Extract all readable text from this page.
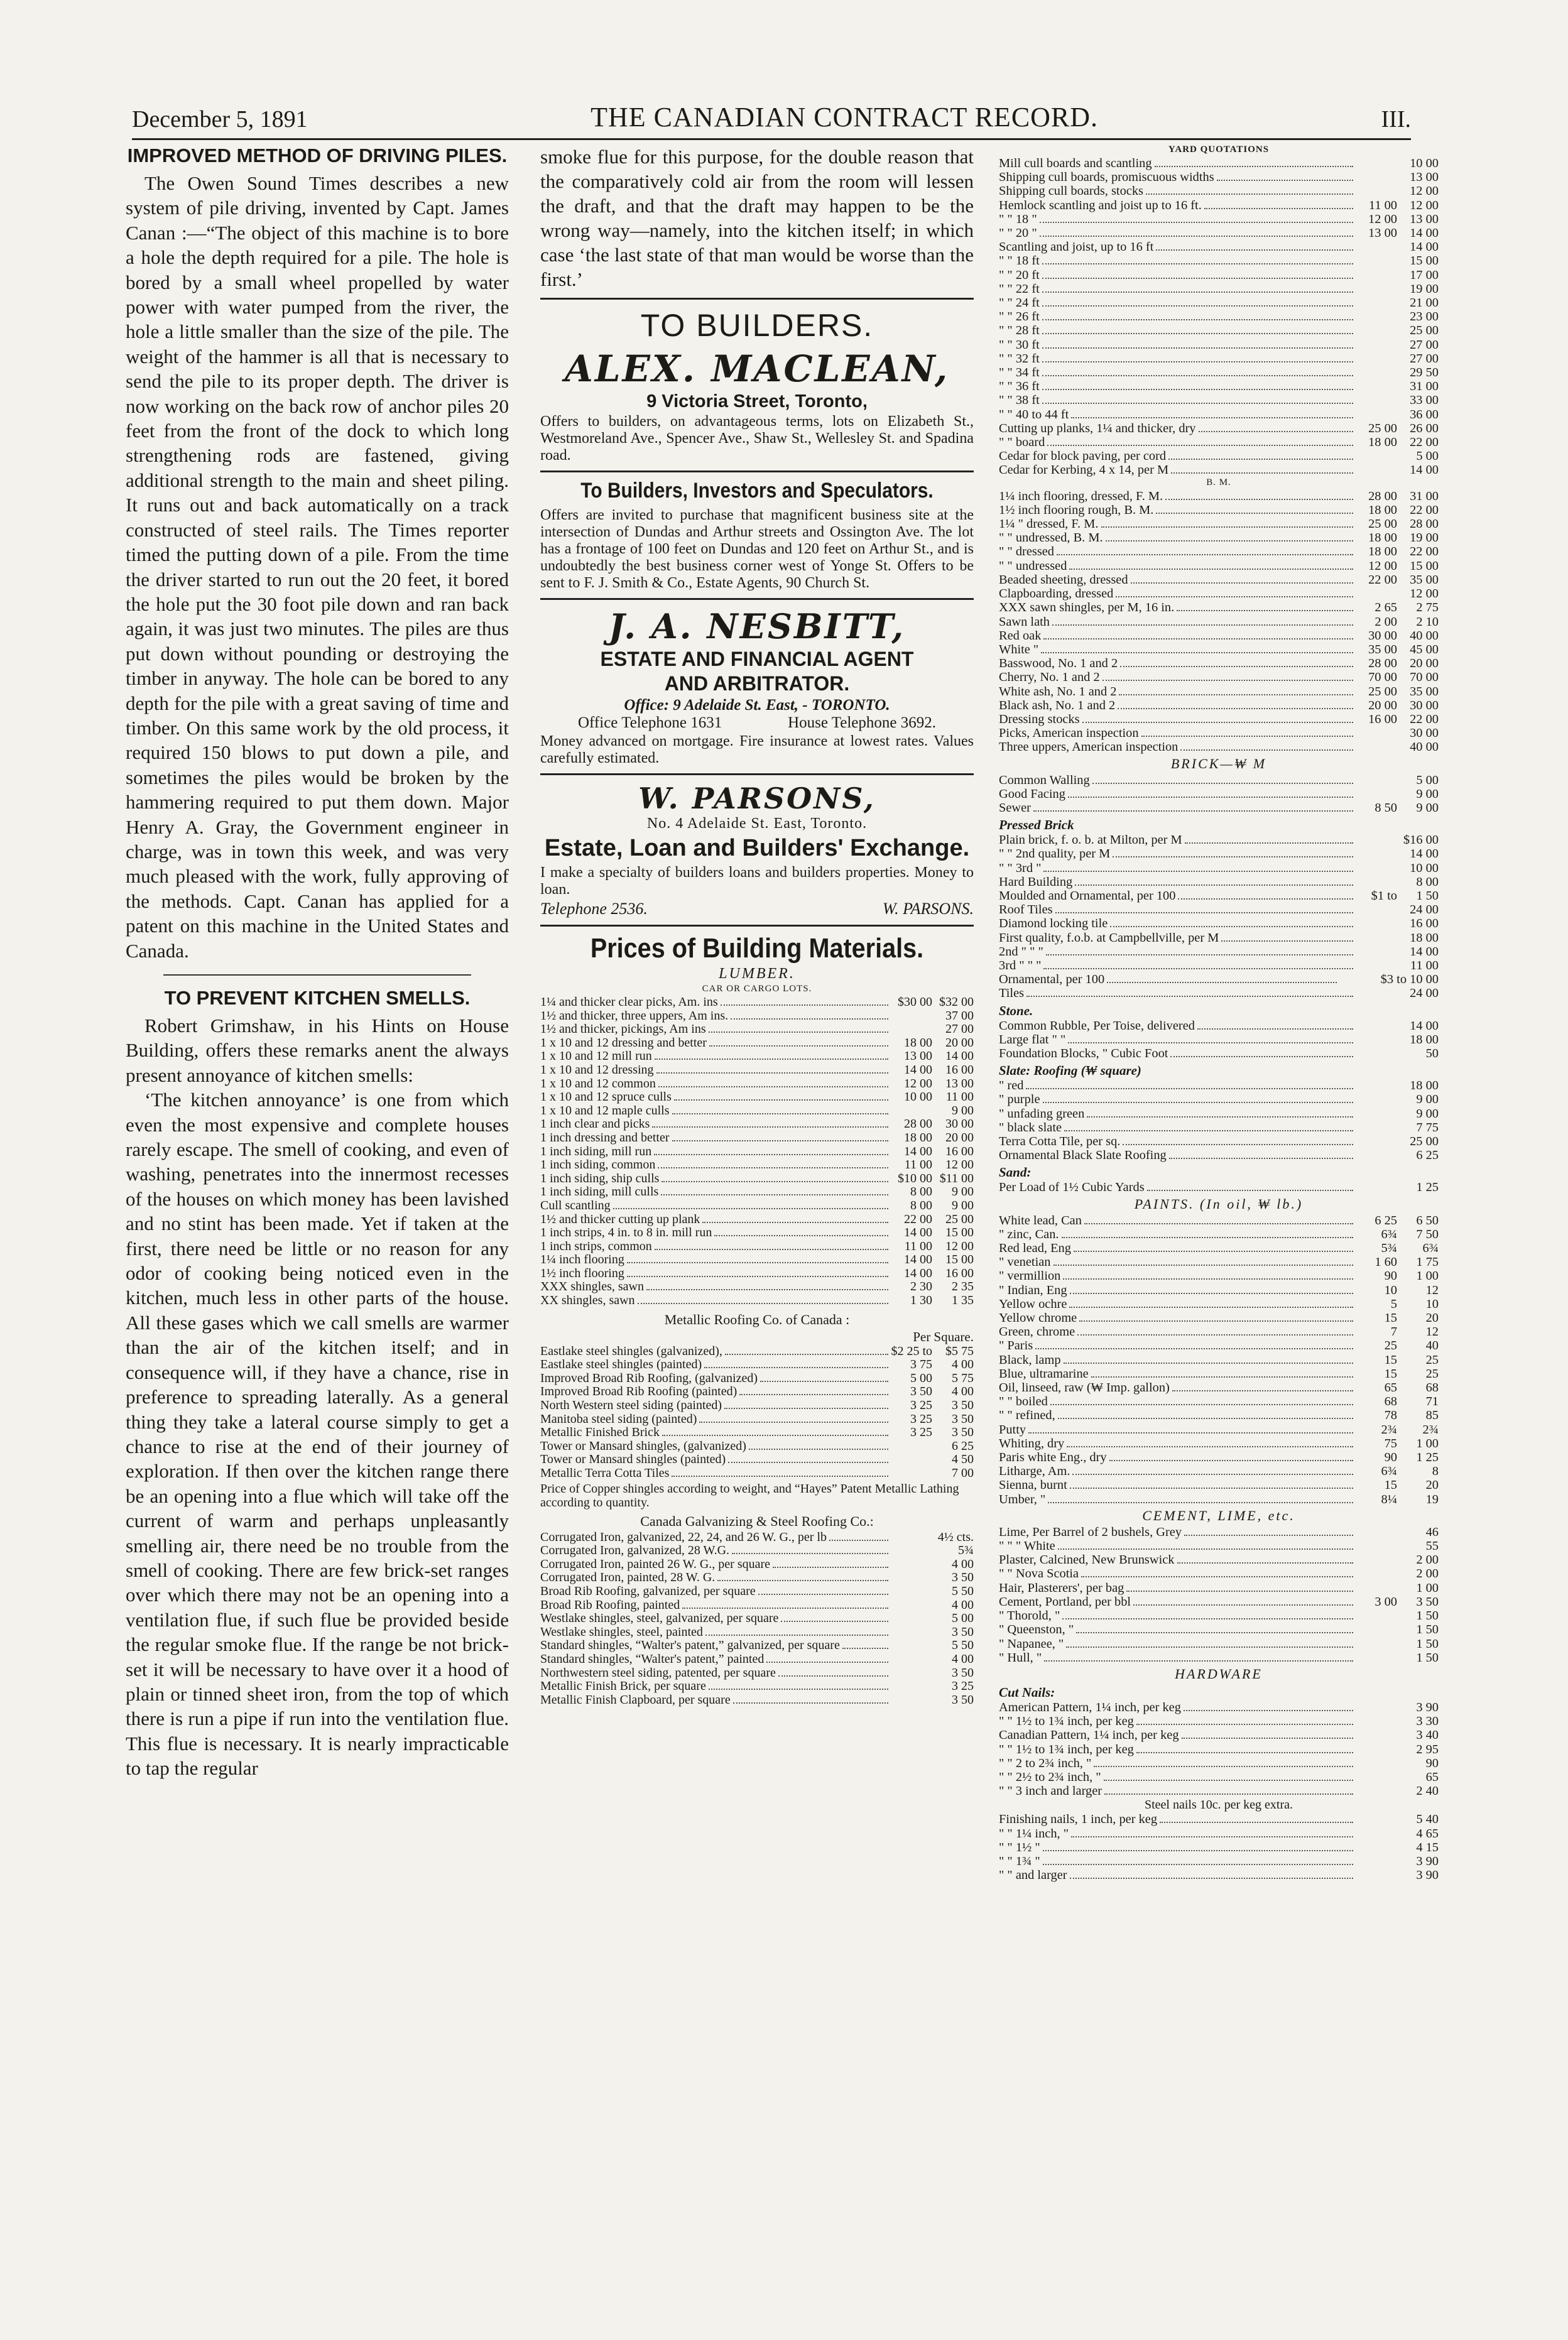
December 5, 1891	THE CANADIAN CONTRACT RECORD.	III.
IMPROVED METHOD OF DRIVING PILES.

The Owen Sound Times describes a new system of pile driving, invented by Capt. James Canan :—“The object of this machine is to bore a hole the depth required for a pile. The hole is bored by a small wheel propelled by water power with water pumped from the river, the hole a little smaller than the size of the pile. The weight of the hammer is all that is necessary to send the pile to its proper depth. The driver is now working on the back row of anchor piles 20 feet from the front of the dock to which long strengthening rods are fastened, giving additional strength to the main and sheet piling. It runs out and back automatically on a track constructed of steel rails. The Times reporter timed the putting down of a pile. From the time the driver started to run out the 20 feet, it bored the hole put the 30 foot pile down and ran back again, it was just two minutes. The piles are thus put down without pounding or destroying the timber in anyway. The hole can be bored to any depth for the pile with a great saving of time and timber. On this same work by the old process, it required 150 blows to put down a pile, and sometimes the piles would be broken by the hammering required to put them down. Major Henry A. Gray, the Government engineer in charge, was in town this week, and was very much pleased with the work, fully approving of the methods. Capt. Canan has applied for a patent on this machine in the United States and Canada.

TO PREVENT KITCHEN SMELLS.

Robert Grimshaw, in his Hints on House Building, offers these remarks anent the always present annoyance of kitchen smells:

‘The kitchen annoyance’ is one from which even the most expensive and complete houses rarely escape. The smell of cooking, and even of washing, penetrates into the innermost recesses of the houses on which money has been lavished and no stint has been made. Yet if taken at the first, there need be little or no reason for any odor of cooking being noticed even in the kitchen, much less in other parts of the house. All these gases which we call smells are warmer than the air of the kitchen itself; and in consequence will, if they have a chance, rise in preference to spreading laterally. As a general thing they take a lateral course simply to get a chance to rise at the end of their journey of exploration. If then over the kitchen range there be an opening into a flue which will take off the current of warm and perhaps unpleasantly smelling air, there need be no trouble from the smell of cooking. There are few brick-set ranges over which there may not be an opening into a ventilation flue, if such flue be provided beside the regular smoke flue. If the range be not brick-set it will be necessary to have over it a hood of plain or tinned sheet iron, from the top of which there is run a pipe if run into the ventilation flue. This flue is necessary. It is nearly impracticable to tap the regular

smoke flue for this purpose, for the double reason that the comparatively cold air from the room will lessen the draft, and that the draft may happen to be the wrong way—namely, into the kitchen itself; in which case ‘the last state of that man would be worse than the first.’
TO BUILDERS.
ALEX. MACLEAN,
9 Victoria Street, Toronto,

Offers to builders, on advantageous terms, lots on Elizabeth St., Westmoreland Ave., Spencer Ave., Shaw St., Wellesley St. and Spadina road.

To Builders, Investors and Speculators.

Offers are invited to purchase that magnificent business site at the intersection of Dundas and Arthur streets and Ossington Ave. The lot has a frontage of 100 feet on Dundas and 120 feet on Arthur St., and is undoubtedly the best business corner west of Yonge St. Offers to be sent to F. J. Smith & Co., Estate Agents, 90 Church St.

J. A. NESBITT,
ESTATE AND FINANCIAL AGENT
AND ARBITRATOR.
Office: 9 Adelaide St. East, - TORONTO.
Office Telephone 1631	House Telephone 3692.

Money advanced on mortgage. Fire insurance at lowest rates. Values carefully estimated.

W. PARSONS,
No. 4 Adelaide St. East, Toronto.
Estate, Loan and Builders' Exchange.

I make a specialty of builders loans and builders properties. Money to loan.

Telephone 2536.	W. PARSONS.
Prices of Building Materials.
LUMBER.
CAR OR CARGO LOTS.
1¼ and thicker clear picks, Am. ins	$30 00 $32 00
1½ and thicker, three uppers, Am ins.	37 00
1½ and thicker, pickings, Am ins	27 00
1 x 10 and 12 dressing and better	18 00	20 00
1 x 10 and 12 mill run	13 00	14 00
1 x 10 and 12 dressing	14 00	16 00
1 x 10 and 12 common	12 00	13 00
1 x 10 and 12 spruce culls	10 00	11 00
1 x 10 and 12 maple culls	9 00
1 inch clear and picks	28 00	30 00
1 inch dressing and better	18 00	20 00
1 inch siding, mill run	14 00	16 00
1 inch siding, common	11 00	12 00
1 inch siding, ship culls	$10 00 $11 00
1 inch siding, mill culls	8 00	9 00
Cull scantling	8 00	9 00
1½ and thicker cutting up plank	22 00	25 00
1 inch strips, 4 in. to 8 in. mill run	14 00	15 00
1 inch strips, common	11 00	12 00
1¼ inch flooring	14 00	15 00
1½ inch flooring	14 00	16 00
XXX shingles, sawn	2 30	2 35
XX shingles, sawn	1 30	1 35
Metallic Roofing Co. of Canada :
Per Square.
Eastlake steel shingles (galvanized),	$2 25 to	$5 75
Eastlake steel shingles (painted)	3 75	4 00
Improved Broad Rib Roofing, (galvanized)	5 00	5 75
Improved Broad Rib Roofing (painted)	3 50	4 00
North Western steel siding (painted)	3 25	3 50
Manitoba steel siding (painted)	3 25	3 50
Metallic Finished Brick	3 25	3 50
Tower or Mansard shingles, (galvanized)	6 25
Tower or Mansard shingles (painted)	4 50
Metallic Terra Cotta Tiles	7 00
Price of Copper shingles according to weight, and “Hayes” Patent Metallic Lathing according to quantity.
Canada Galvanizing & Steel Roofing Co.:
Corrugated Iron, galvanized, 22, 24, and 26 W. G., per lb	4½ cts.
Corrugated Iron, galvanized, 28 W.G.	5¾
Corrugated Iron, painted 26 W. G., per square	4 00
Corrugated Iron, painted, 28 W. G.	3 50
Broad Rib Roofing, galvanized, per square	5 50
Broad Rib Roofing, painted	4 00
Westlake shingles, steel, galvanized, per square	5 00
Westlake shingles, steel, painted	3 50
Standard shingles, “Walter's patent,” galvanized, per square	5 50
Standard shingles, “Walter's patent,” painted	4 00
Northwestern steel siding, patented, per square	3 50
Metallic Finish Brick, per square	3 25
Metallic Finish Clapboard, per square	3 50
YARD QUOTATIONS
Mill cull boards and scantling	10 00
Shipping cull boards, promiscuous widths	13 00
Shipping cull boards, stocks	12 00
Hemlock scantling and joist up to 16 ft.	11 00 12 00
" " 18 "	12 00 13 00
" " 20 "	13 00 14 00
Scantling and joist, up to 16 ft	14 00
" " 18 ft	15 00
" " 20 ft	17 00
" " 22 ft	19 00
" " 24 ft	21 00
" " 26 ft	23 00
" " 28 ft	25 00
" " 30 ft	27 00
" " 32 ft	27 00
" " 34 ft	29 50
" " 36 ft	31 00
" " 38 ft	33 00
" " 40 to 44 ft	36 00
Cutting up planks, 1¼ and thicker, dry	25 00 26 00
" " board	18 00 22 00
Cedar for block paving, per cord	5 00
Cedar for Kerbing, 4 x 14, per M	14 00
B. M.
1¼ inch flooring, dressed, F. M.	28 00 31 00
1½ inch flooring rough, B. M.	18 00 22 00
1¼ " dressed, F. M.	25 00 28 00
" " undressed, B. M.	18 00 19 00
" " dressed	18 00 22 00
" " undressed	12 00 15 00
Beaded sheeting, dressed	22 00 35 00
Clapboarding, dressed	12 00
XXX sawn shingles, per M, 16 in.	2 65	2 75
Sawn lath	2 00	2 10
Red oak	30 00 40 00
White "	35 00 45 00
Basswood, No. 1 and 2	28 00 20 00
Cherry, No. 1 and 2	70 00 70 00
White ash, No. 1 and 2	25 00 35 00
Black ash, No. 1 and 2	20 00 30 00
Dressing stocks	16 00 22 00
Picks, American inspection	30 00
Three uppers, American inspection	40 00
BRICK—₩ M
Common Walling	5 00
Good Facing	9 00
Sewer	8 50	9 00
Pressed Brick
Plain brick, f. o. b. at Milton, per M	$16 00
" " 2nd quality, per M	14 00
" " 3rd "	10 00
Hard Building	8 00
Moulded and Ornamental, per 100	$1 to	1 50
Roof Tiles	24 00
Diamond locking tile	16 00
First quality, f.o.b. at Campbellville, per M	18 00
2nd " " "	14 00
3rd " " "	11 00
Ornamental, per 100	$3 to 10 00
Tiles	24 00
Stone.
Common Rubble, Per Toise, delivered	14 00
Large flat " "	18 00
Foundation Blocks, " Cubic Foot	50
Slate: Roofing (₩ square)
" red	18 00
" purple	9 00
" unfading green	9 00
" black slate	7 75
Terra Cotta Tile, per sq.	25 00
Ornamental Black Slate Roofing	6 25
Sand:
Per Load of 1½ Cubic Yards	1 25
PAINTS. (In oil, ₩ lb.)
White lead, Can	6 25	6 50
" zinc, Can.	6¾	7 50
Red lead, Eng	5¾	6¾
" venetian	1 60	1 75
" vermillion	90	1 00
" Indian, Eng	10	12
Yellow ochre	5	10
Yellow chrome	15	20
Green, chrome	7	12
" Paris	25	40
Black, lamp	15	25
Blue, ultramarine	15	25
Oil, linseed, raw (₩ Imp. gallon)	65	68
" " boiled	68	71
" " refined,	78	85
Putty	2¾	2¾
Whiting, dry	75	1 00
Paris white Eng., dry	90	1 25
Litharge, Am.	6¾	8
Sienna, burnt	15	20
Umber, "	8¼	19
CEMENT, LIME, etc.
Lime, Per Barrel of 2 bushels, Grey	46
" " " White	55
Plaster, Calcined, New Brunswick	2 00
" " Nova Scotia	2 00
Hair, Plasterers', per bag	1 00
Cement, Portland, per bbl	3 00	3 50
" Thorold, "	1 50
" Queenston, "	1 50
" Napanee, "	1 50
" Hull, "	1 50
HARDWARE
Cut Nails:
American Pattern, 1¼ inch, per keg	3 90
" " 1½ to 1¾ inch, per keg	3 30
Canadian Pattern, 1¼ inch, per keg	3 40
" " 1½ to 1¾ inch, per keg	2 95
" " 2 to 2¾ inch, "	90
" " 2½ to 2¾ inch, "	65
" " 3 inch and larger	2 40
Steel nails 10c. per keg extra.
Finishing nails, 1 inch, per keg	5 40
" " 1¼ inch, "	4 65
" " 1½ "	4 15
" " 1¾ "	3 90
" " and larger	3 90
